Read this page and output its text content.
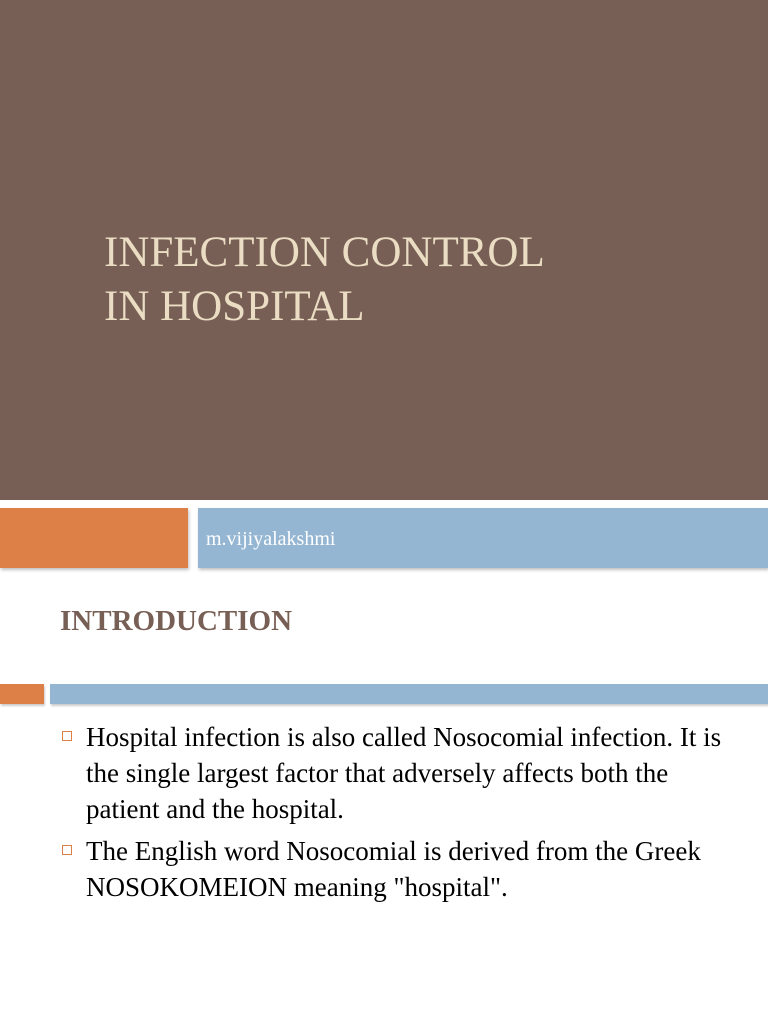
INFECTION CONTROL
IN HOSPITAL

m.vijiyalakshmi

INTRODUCTION
Hospital infection is also called Nosocomial infection. It is the single largest factor that adversely affects both the patient and the hospital.
The English word Nosocomial is derived from the Greek NOSOKOMEION meaning "hospital".
